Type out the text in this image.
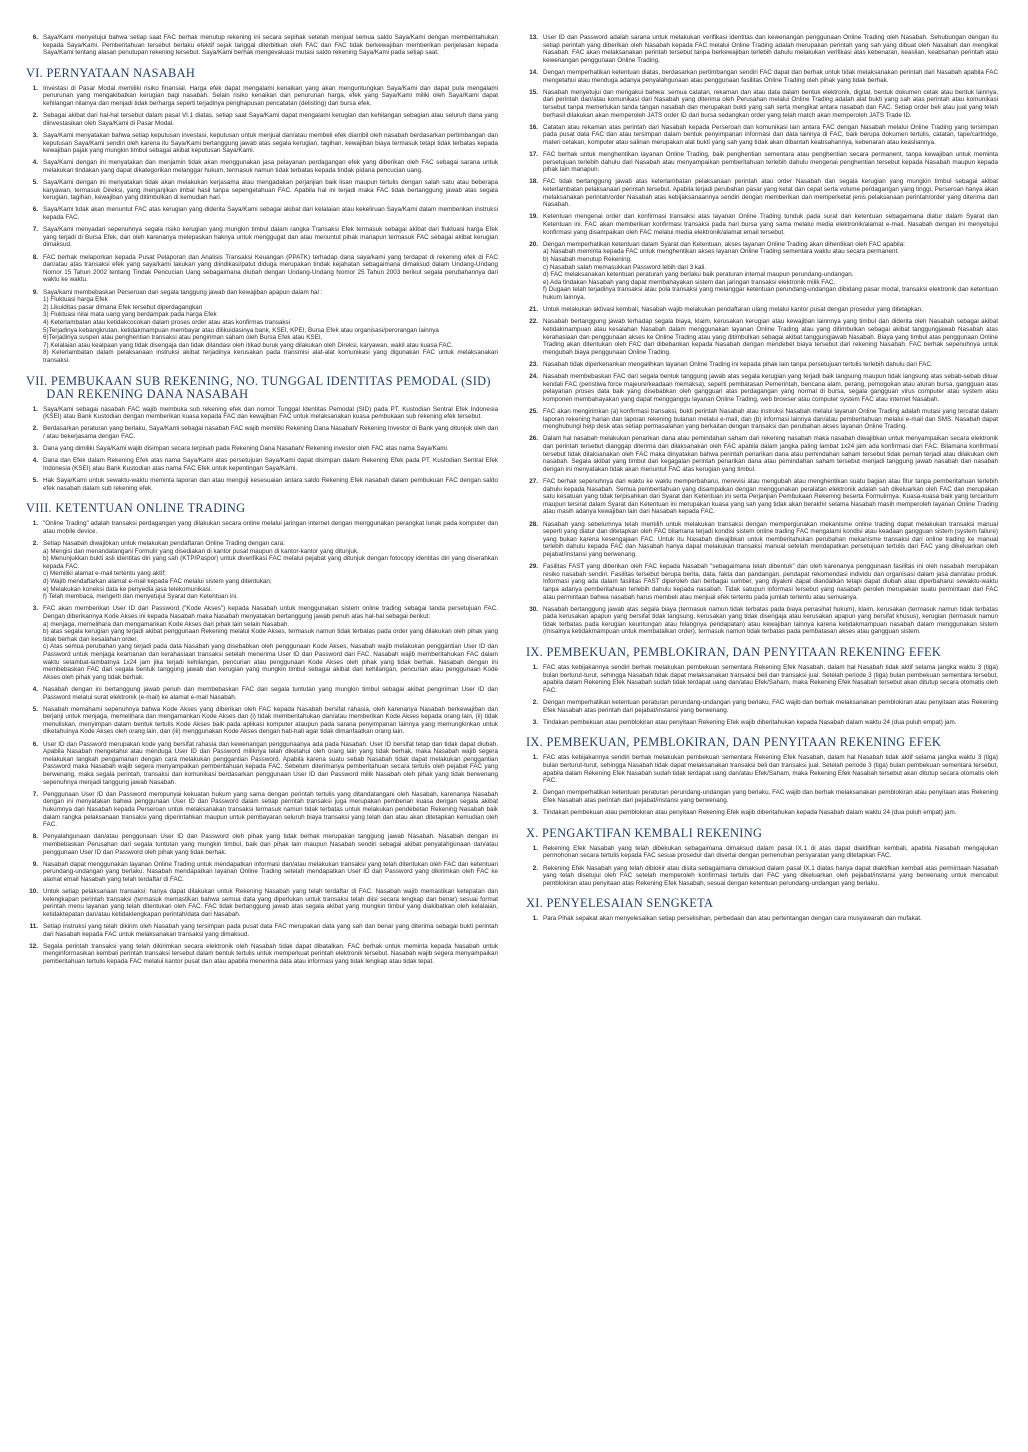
6. Saya/Kami menyetujui bahwa setiap saat FAC berhak menutup rekening ini secara sepihak setelah menjual semua saldo Saya/Kami dengan memberitahukan kepada Saya/Kami. Pemberitahuan tersebut berlaku efektif sejak tanggal diterbitkan oleh FAC dan FAC tidak berkewajiban memberikan penjelasan kepada Saya/Kami tentang alasan penutupan rekening tersebut. Saya/Kami berhak mengevaluasi mutasi saldo rekening Saya/Kami pada setiap saat.
VI. PERNYATAAN NASABAH
1. Investasi di Pasar Modal memiliki risiko finansial. Harga efek dapat mengalami kenaikan yang akan menguntungkan Saya/Kami dan dapat pula mengalami penurunan yang mengakibatkan kerugian bagi nasabah. Selain risiko kenaikan dan penurunan harga, efek yang Saya/Kami miliki oleh Saya/Kami dapat kehilangan nilainya dan menjadi tidak berharga seperti terjadinya penghapusan pencatatan (delisting) dari bursa efek.
2. Sebagai akibat dari hal-hal tersebut dalam pasal VI.1 diatas, setiap saat Saya/Kami dapat mengalami kerugian dan kehilangan sebagian atau seluruh dana yang diinvestasikan oleh Saya/Kami di Pasar Modal.
3. Saya/Kami menyatakan bahwa setiap keputusan investasi, keputusan untuk menjual dan/atau membeli efek diambil oleh nasabah berdasarkan pertimbangan dan keputusan Saya/Kami sendiri oleh karena itu Saya/Kami bertanggung jawab atas segala kerugian, tagihan, kewajiban biaya termasuk tetapi tidak terbatas kepada kewajiban pajak yang mungkin timbul sebagai akibat keputusan Saya/Kami.
4. Saya/Kami dengan ini menyatakan dan menjamin tidak akan menggunakan jasa pelayanan perdagangan efek yang diberikan oleh FAC sebagai sarana untuk melakukan tindakan yang dapat dikategorikan melanggar hukum, termasuk namun tidak terbatas kepada tindak pidana pencucian uang.
5. Saya/Kami dengan ini menyatakan tidak akan melakukan kerjasama atau mengadakan perjanjian baik lisan maupun tertulis dengan salah satu atau beberapa karyawan, termasuk Direksi, yang menjanjikan imbal hasil tanpa sepengetahuan FAC. Apabila hal ini terjadi maka FAC tidak bertanggung jawab atas segala kerugian, tagihan, kewajiban yang ditimbulkan di kemudian hari.
6. Saya/Kami tidak akan menuntut FAC atas kerugian yang diderita Saya/Kami sebagai akibat dari kelalaian atau kekeliruan Saya/Kami dalam memberikan instruksi kepada FAC.
7. Saya/Kami menyadari sepenuhnya segala risiko kerugian yang mungkin timbul dalam rangka Transaksi Efek termasuk sebagai akibat dari fluktuasi harga Efek yang terjadi di Bursa Efek, dan oleh karenanya melepaskan haknya untuk menggugat dan atau menuntut pihak manapun termasuk FAC sebagai akibat kerugian dimaksud.
8. FAC berhak melaporkan kepada Pusat Pelaporan dan Analisis Transaksi Keuangan (PPATK) terhadap dana saya/kami yang terdapat di rekening efek di FAC dan/atau atas transaksi efek yang saya/kami lakukan yang diindikasi/patut diduga merupakan tindak kejahatan sebagaimana dimaksud dalam Undang-Undang Nomor 15 Tahun 2002 tentang Tindak Pencucian Uang sebagaimana diubah dengan Undang-Undang Nomor 25 Tahun 2003 berikut segala perubahannya dari waktu ke waktu.
9. Saya/kami membebaskan Perseroan dari segala tanggung jawab dan kewajiban apapun dalam hal :
1) Fluktuasi harga Efek
2) Likuiditas pasar dimana Efek tersebut diperdagangkan
3) Fluktuasi nilai mata uang yang berdampak pada harga Efek
4) Keterlambatan atau ketidakcocokan dalam proses order atau atas konfirmas transaksi
5)Terjadinya kebangkrutan, ketidakmampuan membayar atau dilikuidasinya bank, KSEI, KPEI, Bursa Efek atau organisasi/perorangan lainnya
6)Terjadinya suspen atau penghentian transaksi atau pengiriman saham oleh Bursa Efek atau KSEI,
7) Kelalaian atau kealpaan yang tidak disengaja dan tidak dilandasi oleh itikad buruk yang dilakukan oleh Direksi, karyawan, wakil atau kuasa FAC.
8) Keterlambatan dalam pelaksanaan instruksi akibat terjadinya kerusakan pada transmisi alat-alat komunikasi yang digunakan FAC untuk melaksanakan transaksi.
VII. PEMBUKAAN SUB REKENING, NO. TUNGGAL IDENTITAS PEMODAL (SID)
DAN REKENING DANA NASABAH
1. Saya/Kami sebagai nasabah FAC wajib membuka sub rekening efek dan nomor Tunggal Identitas Pemodal (SID) pada PT. Kustodian Sentral Efek Indonesia (KSEI) atau Bank Kustodian dengan memberikan kuasa kepada FAC dan kewajiban FAC untuk melaksanakan kuasa pembukaan sub rekening efek tersebut.
2. Berdasarkan peraturan yang berlaku, Saya/Kami sebagai nasabah FAC wajib memiliki Rekening Dana Nasabah/ Rekening Investor di Bank yang ditunjuk oleh dan / atau bekerjasama dengan FAC.
3. Dana yang dimiliki Saya/Kami wajib disimpan secara terpisah pada Rekening Dana Nasabah/ Rekening investor oleh FAC atas nama Saya/Kami.
4. Dana dan Efek dalam Rekening Efek atas nama Saya/Kami atas persetujuan Saya/Kami dapat disimpan dalam Rekening Efek pada PT. Kustodian Sentral Efek Indonesia (KSEI) atau Bank Kustodian atas nama FAC Efek untuk kepentingan Saya/Kami.
5. Hak Saya/Kami untuk sewaktu-waktu meminta laporan dan atau menguji kesesuaian antara saldo Rekening Efek nasabah dalam pembukuan FAC dengan saldo efek nasabah dalam sub rekening efek.
VIII. KETENTUAN ONLINE TRADING
1. "Online Trading" adalah transaksi perdagangan yang dilakukan secara online melalui jaringan internet dengan menggunakan perangkat lunak pada komputer dan atau mobile device.
2. Setiap Nasabah diwajibkan untuk melakukan pendaftaran Online Trading dengan cara:
a) Mengisi dan menandatangani Formulir yang disediakan di kantor pusat maupun di kantor-kantor yang ditunjuk.
b) Menunjukkan bukti asli identitas diri yang sah (KTP/Paspor) untuk diverifikasi FAC melalui pejabat yang ditunjuk dengan fotocopy identitas diri yang diserahkan kepada FAC.
c) Memiliki alamat e-mail tertentu yang aktif;
d) Wajib mendaftarkan alamat e-mail kepada FAC melalui sistem yang ditentukan;
e) Melakukan koneksi data ke penyedia jasa telekomunikasi.
f) Telah membaca, mengerti dan menyetujui Syarat dan Ketentuan ini.
3. FAC akan memberikan User ID dan Password ("Kode Akses") kepada Nasabah untuk menggunakan sistem online trading sebagai tanda persetujuan FAC. Dengan diberikannya Kode Akses ini kepada Nasabah maka Nasabah menyatakan bertanggung jawab penuh atas hal-hal sebagai berikut:
a) menjaga, memelihara dan mengamankan Kode Akses dari pihak lain selain Nasabah.
b) atas segala kerugian yang terjadi akibat penggunaan Rekening melalui Kode Akses, termasuk namun tidak terbatas pada order yang dilakukan oleh pihak yang tidak berhak dan kesalahan order.
c) Atas semua perubahan yang terjadi pada data Nasabah yang disebabkan oleh penggunaan Kode Akses, Nasabah wajib melakukan penggantian User ID dan Password untuk menjaga keamanan dan kerahasiaan transaksi setelah menerima User ID dan Password dari FAC. Nasabah wajib memberitahukan FAC dalam waktu selambat-lambatnya 1x24 jam jika terjadi kehilangan, pencurian atau penggunaan Kode Akses oleh pihak yang tidak berhak. Nasabah dengan ini membebaskan FAC dari segala bentuk tanggung jawab dan kerugian yang mungkin timbul sebagai akibat dari kehilangan, pencurian atau penggunaan Kode Akses oleh pihak yang tidak berhak.
4. Nasabah dengan ini bertanggung jawab penuh dan membebaskan FAC dari segala tuntutan yang mungkin timbul sebagai akibat pengiriman User ID dan Password melalui surat elektronik (e-mail) ke alamat e-mail Nasabah.
5. Nasabah memahami sepenuhnya bahwa Kode Akses yang diberikan oleh FAC kepada Nasabah bersifat rahasia, oleh karenanya Nasabah berkewajiban dan berjanji untuk menjaga, memelihara dan mengamankan Kode Akses dan (i) tidak memberitahukan dan/atau memberikan Kode Akses kepada orang lain, (ii) tidak menuliskan, menyimpan dalam bentuk tertulis Kode Akses baik pada aplikasi komputer ataupun pada sarana penyimpanan lainnya yang memungkinkan untuk diketahuinya Kode Akses oleh orang lain, dan (iii) menggunakan Kode Akses dengan hati-hati agar tidak dimanfaatkan orang lain.
6. User ID dan Password merupakan kode yang bersifat rahasia dan kewenangan penggunaanya ada pada Nasabah. User ID bersifat tetap dan tidak dapat diubah. Apabila Nasabah mengetahui atau menduga User ID dan Password miliknya telah diketahui oleh orang lain yang tidak berhak, maka Nasabah wajib segera melakukan langkah pengamanan dengan cara melakukan penggantian Password. Apabila karena suatu sebab Nasabah tidak dapat melakukan penggantian Password maka Nasabah wajib segera menyampaikan pemberitahuan kepada FAC. Sebelum diterimanya pemberitahuan secara tertulis oleh pejabat FAC yang berwenang, maka segala perintah, transaksi dan komunikasi berdasarkan penggunaan User ID dan Password milik Nasabah oleh pihak yang tidak berwenang sepenuhnya menjadi tanggung jawab Nasabah.
7. Penggunaan User ID dan Password mempunyai kekuatan hukum yang sama dengan perintah tertulis yang ditandatangani oleh Nasabah, karenanya Nasabah dengan ini menyatakan bahwa penggunaan User ID dan Password dalam setiap perintah transaksi juga merupakan pemberian kuasa dengan segala akibat hukumnya dari Nasabah kepada Perseroan untuk melaksanakan transaksi termasuk namun tidak terbatas untuk melakukan pendebetan Rekening Nasabah baik dalam rangka pelaksanaan transaksi yang diperintahkan maupun untuk pembayaran seluruh biaya transaksi yang telah dan atau akan ditetapkan kemudian oleh FAC.
8. Penyalahgunaan dan/atau penggunaan User ID dan Password oleh pihak yang tidak berhak merupakan tanggung jawab Nasabah. Nasabah dengan ini membebaskan Perusahan dari segala tuntutan yang mungkin timbul, baik dari pihak lain maupun Nasabah sendiri sebagai akibat penyalahgunaan dan/atau penggunaan User ID dan Password oleh pihak yang tidak berhak.
9. Nasabah dapat menggunakan layanan Online Trading untuk mendapatkan informasi dan/atau melakukan transaksi yang telah ditentukan oleh FAC dan ketentuan perundang-undangan yang berlaku. Nasabah mendapatkan layanan Online Trading setelah mendapatkan User ID dan Password yang dikirimkan oleh FAC ke alamat email Nasabah yang telah terdaftar di FAC.
10. Untuk setiap pelaksanaan transaksi: hanya dapat dilakukan untuk Rekening Nasabah yang telah terdaftar di FAC. Nasabah wajib memastikan ketepatan dan kelengkapan perintah transaksi (termasuk memastikan bahwa semua data yang diperlukan untuk transaksi telah diisi secara lengkap dan benar) sesuai format perintah menu layanan yang telah ditentukan oleh FAC. FAC tidak bertanggung jawab atas segala akibat yang mungkin timbul yang diakibatkan oleh kelalaian, ketidaktepatan dan/atau ketidaklengkapan perintah/data dari Nasabah.
11. Setiap instruksi yang telah dikirim oleh Nasabah yang tersimpan pada pusat data FAC merupakan data yang sah dan benar yang diterima sebagai bukti perintah dari Nasabah kepada FAC untuk melaksanakan transaksi yang dimaksud.
12. Segala perintah transaksi yang telah dikirimkan secara elektronik oleh Nasabah tidak dapat dibatalkan. FAC berhak untuk meminta kepada Nasabah untuk menginformasikan kembali perintah transaksi tersebut dalam bentuk tertulis untuk memperkuat perintah elektronik tersebut. Nasabah wajib segera menyampaikan pemberitahuan tertulis kepada FAC melalui kantor pusat dan atau apabila menerima data atau informasi yang tidak lengkap atau tidak tepat.
13. User ID dan Password adalah sarana untuk melakukan verifikasi identitas dan kewenangan penggunaan Online Trading oleh Nasabah. Sehubungan dengan itu setiap perintah yang diberikan oleh Nasabah kepada FAC melalui Online Trading adalah merupakan perintah yang sah yang dibuat oleh Nasabah dan mengikat Nasabah. FAC akan melaksanakan perintah tersebut tanpa berkewajiban terlebih dahulu melakukan verifikasi atas kebenaran, keaslian, keabsahan perintah atau kewenangan penggunaan Online Trading.
14. Dengan memperhatikan ketentuan diatas, berdasarkan pertimbangan sendiri FAC dapat dan berhak untuk tidak melaksanakan perintah dari Nasabah apabila FAC mengetahui atau menduga adanya penyalahgunaan atau penggunaan fasilitas Online Trading oleh pihak yang tidak berhak.
15. Nasabah menyetujui dan mengakui bahwa: semua catatan, rekaman dan atau data dalam bentuk elektronik, digital, bentuk dokumen cetak atau bentuk lainnya, dari perintah dan/atau komunikasi dari Nasabah yang diterima oleh Perusahan melalui Online Trading adalah alat bukti yang sah atas perintah atau komunikasi tersebut tanpa memerlukan tanda tangan nasabah dan merupakan bukti yang sah serta mengikat antara nasabah dan FAC. Setiap order beli atau jual yang telah berhasil dilakukan akan memperoleh JATS order ID dari bursa sedangkan order yang telah match akan memperoleh JATS Trade ID.
16. Catatan atau rekaman atas perintah dari Nasabah kepada Perseroan dan komunikasi lain antara FAC dengan Nasabah melalui Online Trading yang tersimpan pada pusat data FAC dan atau tersimpan dalam bentuk penyimpanan informasi dan data lainnya di FAC, baik berupa dokumen tertulis, catatan, tape/cartridge, materi cetakan, komputer atau salinan merupakan alat bukti yang sah yang tidak akan dibantah keabsahannya, kebenaran atau keasliannya.
17. FAC berhak untuk menghentikan layanan Online Trading, baik penghentian sementara atau penghentian secara permanent, tanpa kewajiban untuk meminta persetujuan terlebih dahulu dari Nasabah atau menyampaikan pemberitahuan terlebih dahulu mengenai penghentian tersebut kepada Nasabah maupun kepada pihak lain manapun.
18. FAC tidak bertanggung jawab atas keterlambatan pelaksanaan perintah atau order Nasabah dan segala kerugian yang mungkin timbul sebagai akibat keterlambatan pelaksanaan perintah tersebut. Apabila terjadi perubahan pasar yang ketat dan cepat serta volume perdagangan yang tinggi, Perseroan hanya akan melaksanakan perintah/order Nasabah atas kebijaksanaannya sendiri dengan memberikan dan memperketat jenis pelaksanaan perintah/order yang diterima dari Nasabah.
19. Ketentuan mengenai order dan konfirmasi transaksi atas layanan Online Trading tunduk pada surat dan ketentuan sebagaimana diatur dalam Syarat dan Ketentuan ini. FAC akan memberikan konfirmasi transaksi pada hari bursa yang sama melalui media elektronik/alamat e-mail. Nasabah dengan ini menyetujui konfirmasi yang disampaikan oleh FAC melalui media elektronik/alamat email tersebut.
20. Dengan memperhatikan ketentuan dalam Syarat dan Ketentuan, akses layanan Online Trading akan dihentikan oleh FAC apabila:
a) Nasabah meminta kepada FAC untuk menghentikan akses layanan Online Trading sementara waktu atau secara permanent.
b) Nasabah menutup Rekening.
c) Nasabah salah memasukkan Password lebih dari 3 kali.
d) FAC melaksanakan ketentuan peraturan yang berlaku baik peraturan internal maupun perundang-undangan.
e) Ada tindakan Nasabah yang dapat membahayakan sistem dan jaringan transaksi elektronik milik FAC.
f) Dugaan telah terjadinya transaksi atau pola transaksi yang melanggar ketentuan perundang-undangan dibidang pasar modal, transaksi elektronik dan ketentuan hukum lainnya.
21. Untuk melakukan aktivasi kembali, Nasabah wajib melakukan pendaftaran ulang melalui kantor pusat dengan prosedur yang ditetapkan.
22. Nasabah bertanggung jawab terhadap segala biaya, klaim, kerusakan kerugian atau kewajiban lainnnya yang timbul dan diderita oleh Nasabah sebagai akibat ketidakmampuan atau kesalahan Nasabah dalam menggunakan layanan Online Trading atau yang ditimbulkan sebagai akibat tanggungjawab Nasabah atas kerahasiaan dan penggunaan akses ke Online Trading atau yang ditimbulkan sebagai akibat tanggungjawab Nasabah. Biaya yang timbul atas penggunaan Online Trading akan ditentukan oleh FAC dan dibebankan kepada Nasabah dengan mendebet biaya tersebut dari rekening Nasabah. FAC berhak sepenuhnya untuk mengubah biaya penggunaan Online Trading.
23. Nasabah tidak diperkenankan mengalihkan layanan Online Trading ini kepada pihak lain tanpa persetujuan tertulis terlebih dahulu dari FAC.
24. Nasabah membebaskan FAC dari segala bentuk tanggung jawab atas segala kerugian yang terjadi baik langsung maupun tidak langsung atas sebab-sebab diluar kendali FAC (peristiwa force majeure/keadaan memaksa), seperti pembatasan Pemerintah, bencana alam, perang, pemogokan atau aturan bursa, gangguan atas pelayanan proses data baik yang disebabkan oleh gangguan atas perdagangan yang normal di bursa, segala gangguan virus computer atau system atau komponen membahayakan yang dapat mengganggu layanan Online Trading, web browser atau computer system FAC atau internet Nasabah.
25. FAC akan mengirimkan (a) konfirmasi transaksi, bukti perintah Nasabah atau instruksi Nasabah melalui layanan Online Trading adalah mutasi yang tercatat dalam laporan rekening harian dan laporan rekening bulanan melalui e-mail, dan (b) informasi lainnya dan/atau pemberitahuan melalui e-mail dan SMS. Nasabah dapat menghubungi help desk atas setiap permasalahan yang berkaitan dengan transaksi dan perubahan akses layanan Online Trading.
26. Dalam hal nasabah melakukan penarikan dana atau pemindahan saham dari rekening nasabah maka nasabah diwajibkan untuk menyampaikan secara elektronik dan perintah tersebut dianggap diterima dan dilaksanakan oleh FAC apabila dalam jangka paling lambat 1x24 jam ada konfirmasi dari FAC. Bilamana konfirmasi tersebut tidak dilaksanakan oleh FAC maka dinyatakan bahwa perintah penarikan dana atau pemindahan saham tersebut tidak pernah terjadi atau dilakukan oleh nasabah. Segala akibat yang timbul dari kegagalan perintah penarikan dana atau pemindahan saham tersebut menjadi tanggung jawab nasabah dan nasabah dengan ini menyatakan tidak akan menuntut FAC atas kerugian yang timbul.
27. FAC berhak sepenuhnya dari waktu ke waktu memperbaharui, merevisi atau mengubah atau menghentikan suatu bagian atau fitur tanpa pemberitahuan terlebih dahulu kepada Nasabah. Semua pemberitahuan yang disampaikan dengan menggunakan peralatan elektronik adalah sah dikeluarkan oleh FAC dan merupakan satu kesatuan yang tidak terpisahkan dari Syarat dan Ketentuan ini serta Perjanjian Pembukaan Rekening beserta Formulirnya. Kuasa-kuasa baik yang tercantum maupun tersirat dalam Syarat dan Ketentuan ini merupakan kuasa yang sah yang tidak akan berakhir selama Nasabah masih memperoleh layanan Online Trading atau masih adanya kewajiban lain dari Nasabah kepada FAC.
28. Nasabah yang sebelumnya telah memilih untuk melakukan transaksi dengan mempergunakan mekanisme online trading dapat melakukan transaksi manual seperti yang diatur dan ditetapkan oleh FAC bilamana terjadi kondisi sistem online trading FAC mengalami kondisi atau keadaan gangguan sistem (system failure) yang bukan karena kesengajaan FAC. Untuk itu Nasabah diwajibkan untuk memberitahukan perubahan mekanisme transaksi dari online trading ke manual terlebih dahulu kepada FAC dan Nasabah hanya dapat melakukan transaksi manual setelah mendapatkan persetujuan tertulis dari FAC yang dikeluarkan oleh pejabat/instansi yang berwenang.
29. Fasilitas FAST yang diberikan oleh FAC kepada Nasabah "sebagaimana telah dibentuk" dan oleh karenanya penggunaan fasilitas ini oleh nasabah merupakan resiko nasabah sendiri. Fasilitas tersebut berupa berita, data, fakta dan pandangan, pendapat rekomendasi individu dan organisasi dalam jasa dan/atau produk. Informasi yang ada dalam fasilitas FAST diperoleh dari berbagai sumber, yang diyakini dapat diandalkan tetapi dapat diubah atau diperbaharui sewaktu-waktu tanpa adanya pemberitahuan terlebih dahulu kepada nasabah. Tidak satupun informasi tersebut yang nasabah peroleh merupakan suatu permintaan dari FAC atau permintaan bahwa nasabah harus membeli atau menjual efek tertentu pada jumlah tertentu atau semuanya.
30. Nasabah bertanggung jawab atas segala biaya (termasuk namun tidak terbatas pada biaya penasihat hukum), klaim, kerusakan (termasuk namun tidak terbatas pada kerusakan apapun yang bersifat tidak langsung, kerusakan yang tidak disengaja atau kerusakan apapun yang bersifat khusus), kerugian (termasuk namun tidak terbatas pada kerugian keuntungan atau hilangnya pendapatan) atau kewajiban lainnya karena ketidakmampuan nasabah dalam menggunakan sistem (misalnya ketidakmampuan untuk membatalkan order), termasuk namun tidak terbatas pada pembatasan akses atau gangguan sistem.
IX. PEMBEKUAN, PEMBLOKIRAN, DAN PENYITAAN REKENING EFEK
1. FAC atas kebijakannya sendiri berhak melakukan pembekuan sementara Rekening Efek Nasabah, dalam hal Nasabah tidak aktif selama jangka waktu 3 (tiga) bulan berturut-turut, sehingga Nasabah tidak dapat melaksanakan transaksi beli dan transaksi jual. Setelah periode 3 (tiga) bulan pembekuan sementara tersebut, apabila dalam Rekening Efek Nasabah sudah tidak terdapat uang dan/atau Efek/Saham, maka Rekening Efek Nasabah tersebut akan ditutup secara otomatis oleh FAC.
2. Dengan memperhatikan ketentuan peraturan perundang-undangan yang berlaku, FAC wajib dan berhak melaksanakan pemblokiran atau penyitaan atas Rekening Efek Nasabah atas perintah dari pejabat/instansi yang berwenang.
3. Tindakan pembekuan atau pemblokiran atau penyitaan Rekening Efek wajib diberitahukan kepada Nasabah dalam waktu 24 (dua puluh empat) jam.
IX. PEMBEKUAN, PEMBLOKIRAN, DAN PENYITAAN REKENING EFEK
1. FAC atas kebijakannya sendiri berhak melakukan pembekuan sementara Rekening Efek Nasabah, dalam hal Nasabah tidak aktif selama jangka waktu 3 (tiga) bulan berturut-turut, sehingga Nasabah tidak dapat melaksanakan transaksi beli dan transaksi jual. Setelah periode 3 (tiga) bulan pembekuan sementara tersebut, apabila dalam Rekening Efek Nasabah sudah tidak terdapat uang dan/atau Efek/Saham, maka Rekening Efek Nasabah tersebut akan ditutup secara otomatis oleh FAC.
2. Dengan memperhatikan ketentuan peraturan perundang-undangan yang berlaku, FAC wajib dan berhak melaksanakan pemblokiran atau penyitaan atas Rekening Efek Nasabah atas perintah dari pejabat/instansi yang berwenang.
3. Tindakan pembekuan atau pemblokiran atau penyitaan Rekening Efek wajib diberitahukan kepada Nasabah dalam waktu 24 (dua puluh empat) jam.
X. PENGAKTIFAN KEMBALI REKENING
1. Rekening Efek Nasabah yang telah dibekukan sebagaimana dimaksud dalam pasal IX.1 di atas dapat diaktifkan kembali, apabila Nasabah mengajukan permohonan secara tertulis kepada FAC sesuai prosedur dan disertai dengan pemenuhan persyaratan yang ditetapkan FAC.
2. Rekening Efek Nasabah yang telah diblokir atau disita sebagaimana dimaksud dalam pasal IX.1 diatas hanya dapat diaktifkan kembali atas permintaan Nasabah yang telah disetujui oleh FAC setelah memperoleh konfirmasi tertulis dari FAC yang dikeluarkan oleh pejabat/instansi yang berwenang untuk mencabut pemblokiran atau penyitaan atas Rekening Efek Nasabah, sesuai dengan ketentuan perundang-undangan yang berlaku.
XI. PENYELESAIAN SENGKETA
1. Para Pihak sepakat akan menyelesaikan setiap perselisihan, perbedaan dan atau pertentangan dengan cara musyawarah dan mufakat.
